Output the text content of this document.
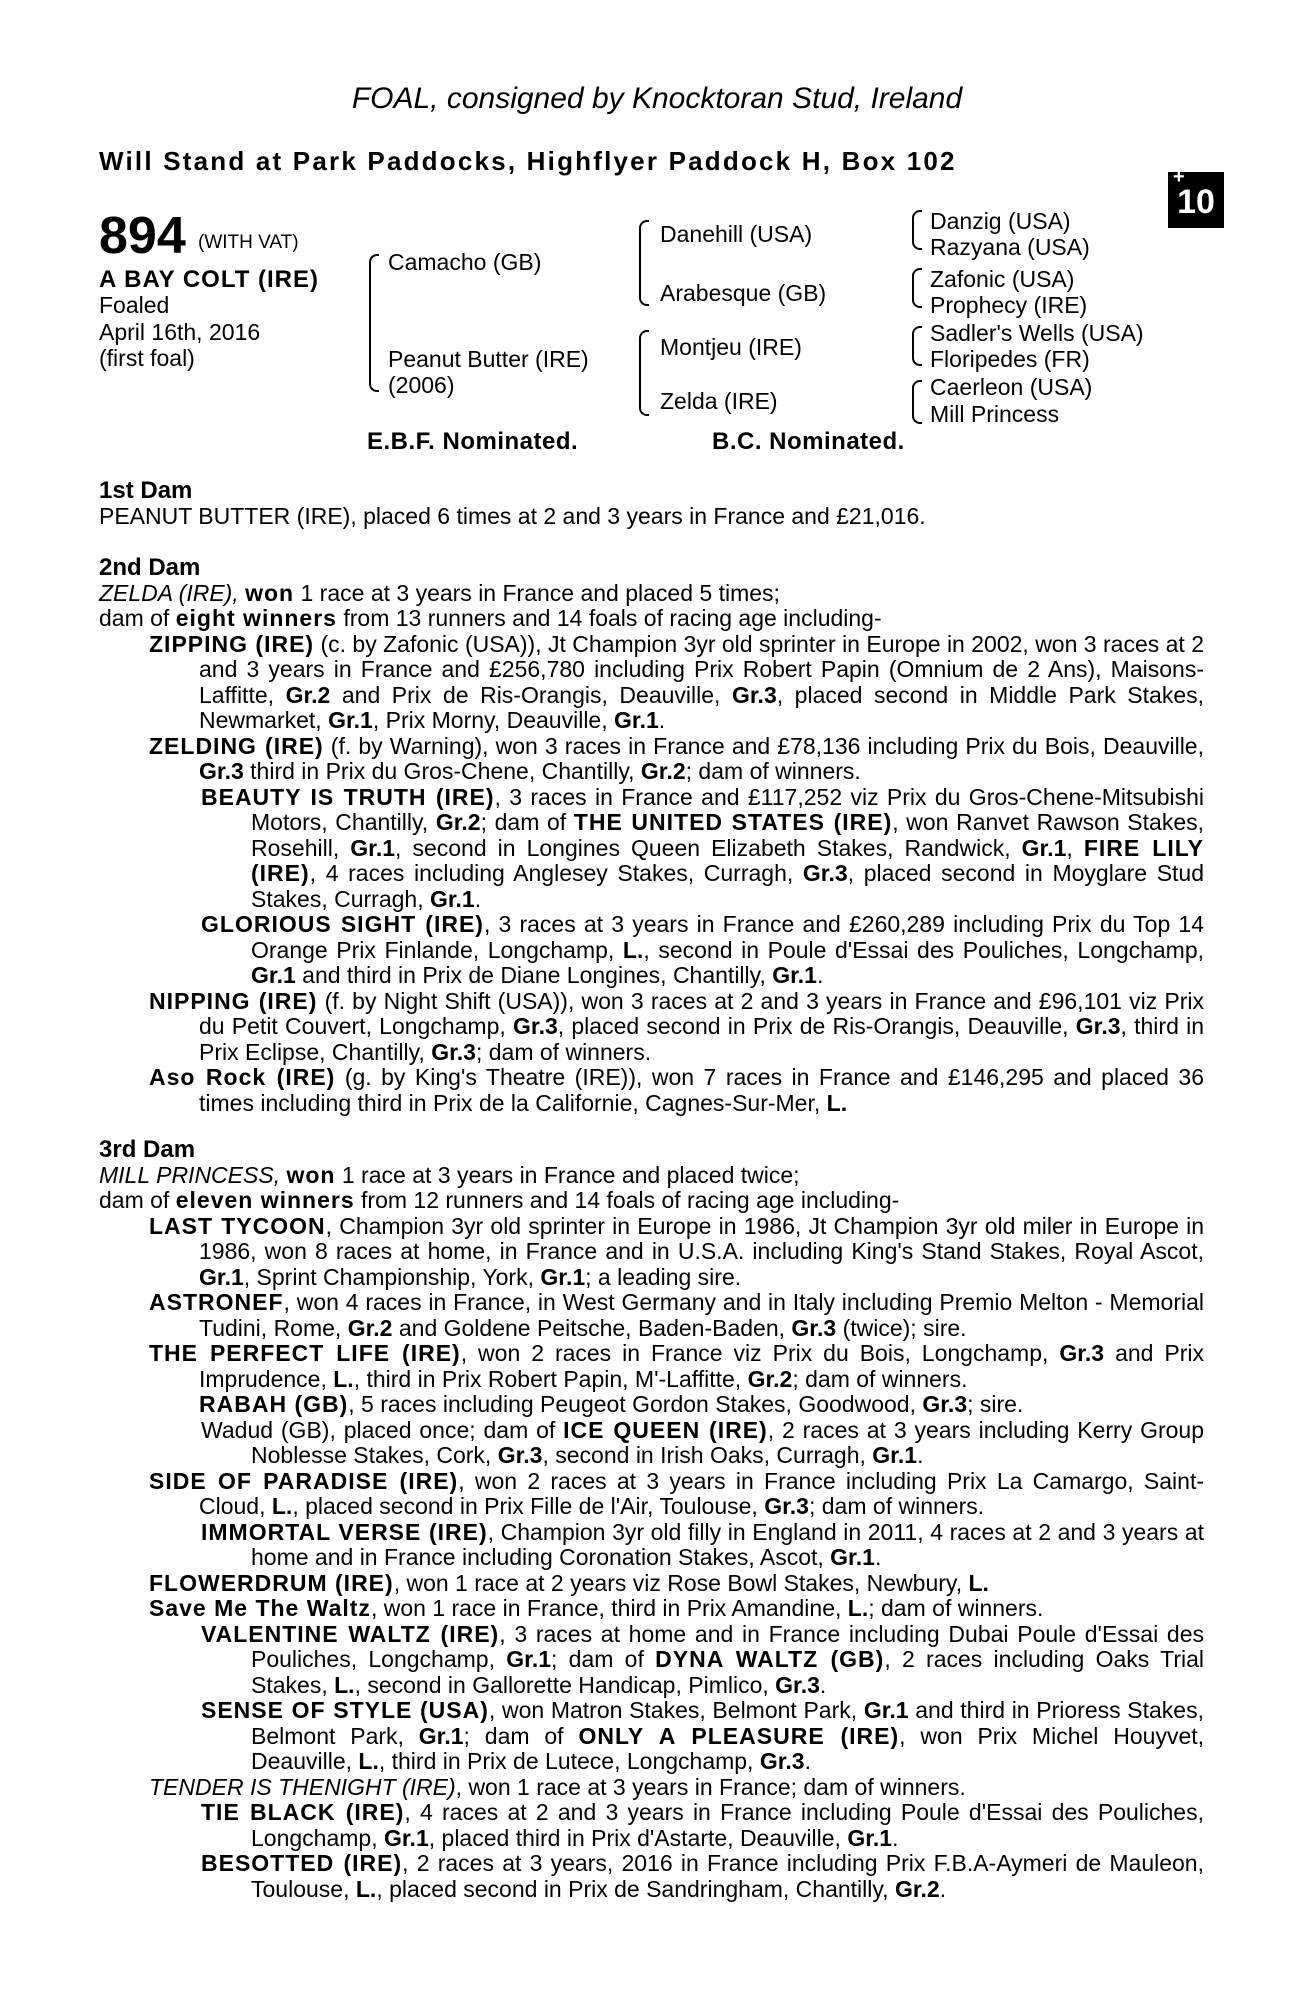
FOAL, consigned by Knocktoran Stud, Ireland
Will Stand at Park Paddocks, Highflyer Paddock H, Box 102
+
10
894 (WITH VAT)
A BAY COLT (IRE)
Foaled
April 16th, 2016
(first foal)
Camacho (GB)
Peanut Butter (IRE)
(2006)
Danehill (USA)
Arabesque (GB)
Montjeu (IRE)
Zelda (IRE)
Danzig (USA)
Razyana (USA)
Zafonic (USA)
Prophecy (IRE)
Sadler's Wells (USA)
Floripedes (FR)
Caerleon (USA)
Mill Princess
E.B.F. Nominated.	B.C. Nominated.
1st Dam

PEANUT BUTTER (IRE), placed 6 times at 2 and 3 years in France and £21,016.

2nd Dam

ZELDA (IRE), won 1 race at 3 years in France and placed 5 times;

dam of eight winners from 13 runners and 14 foals of racing age including-

ZIPPING (IRE) (c. by Zafonic (USA)), Jt Champion 3yr old sprinter in Europe in 2002, won 3 races at 2 and 3 years in France and £256,780 including Prix Robert Papin (Omnium de 2 Ans), Maisons-Laffitte, Gr.2 and Prix de Ris-Orangis, Deauville, Gr.3, placed second in Middle Park Stakes, Newmarket, Gr.1, Prix Morny, Deauville, Gr.1.

ZELDING (IRE) (f. by Warning), won 3 races in France and £78,136 including Prix du Bois, Deauville, Gr.3 third in Prix du Gros-Chene, Chantilly, Gr.2; dam of winners.

BEAUTY IS TRUTH (IRE), 3 races in France and £117,252 viz Prix du Gros-Chene-Mitsubishi Motors, Chantilly, Gr.2; dam of THE UNITED STATES (IRE), won Ranvet Rawson Stakes, Rosehill, Gr.1, second in Longines Queen Elizabeth Stakes, Randwick, Gr.1, FIRE LILY (IRE), 4 races including Anglesey Stakes, Curragh, Gr.3, placed second in Moyglare Stud Stakes, Curragh, Gr.1.

GLORIOUS SIGHT (IRE), 3 races at 3 years in France and £260,289 including Prix du Top 14 Orange Prix Finlande, Longchamp, L., second in Poule d'Essai des Pouliches, Longchamp, Gr.1 and third in Prix de Diane Longines, Chantilly, Gr.1.

NIPPING (IRE) (f. by Night Shift (USA)), won 3 races at 2 and 3 years in France and £96,101 viz Prix du Petit Couvert, Longchamp, Gr.3, placed second in Prix de Ris-Orangis, Deauville, Gr.3, third in Prix Eclipse, Chantilly, Gr.3; dam of winners.

Aso Rock (IRE) (g. by King's Theatre (IRE)), won 7 races in France and £146,295 and placed 36 times including third in Prix de la Californie, Cagnes-Sur-Mer, L.

3rd Dam

MILL PRINCESS, won 1 race at 3 years in France and placed twice;

dam of eleven winners from 12 runners and 14 foals of racing age including-

LAST TYCOON, Champion 3yr old sprinter in Europe in 1986, Jt Champion 3yr old miler in Europe in 1986, won 8 races at home, in France and in U.S.A. including King's Stand Stakes, Royal Ascot, Gr.1, Sprint Championship, York, Gr.1; a leading sire.

ASTRONEF, won 4 races in France, in West Germany and in Italy including Premio Melton - Memorial Tudini, Rome, Gr.2 and Goldene Peitsche, Baden-Baden, Gr.3 (twice); sire.

THE PERFECT LIFE (IRE), won 2 races in France viz Prix du Bois, Longchamp, Gr.3 and Prix Imprudence, L., third in Prix Robert Papin, M'-Laffitte, Gr.2; dam of winners.

RABAH (GB), 5 races including Peugeot Gordon Stakes, Goodwood, Gr.3; sire.

Wadud (GB), placed once; dam of ICE QUEEN (IRE), 2 races at 3 years including Kerry Group Noblesse Stakes, Cork, Gr.3, second in Irish Oaks, Curragh, Gr.1.

SIDE OF PARADISE (IRE), won 2 races at 3 years in France including Prix La Camargo, Saint-Cloud, L., placed second in Prix Fille de l'Air, Toulouse, Gr.3; dam of winners.

IMMORTAL VERSE (IRE), Champion 3yr old filly in England in 2011, 4 races at 2 and 3 years at home and in France including Coronation Stakes, Ascot, Gr.1.

FLOWERDRUM (IRE), won 1 race at 2 years viz Rose Bowl Stakes, Newbury, L.

Save Me The Waltz, won 1 race in France, third in Prix Amandine, L.; dam of winners.

VALENTINE WALTZ (IRE), 3 races at home and in France including Dubai Poule d'Essai des Pouliches, Longchamp, Gr.1; dam of DYNA WALTZ (GB), 2 races including Oaks Trial Stakes, L., second in Gallorette Handicap, Pimlico, Gr.3.

SENSE OF STYLE (USA), won Matron Stakes, Belmont Park, Gr.1 and third in Prioress Stakes, Belmont Park, Gr.1; dam of ONLY A PLEASURE (IRE), won Prix Michel Houyvet, Deauville, L., third in Prix de Lutece, Longchamp, Gr.3.

TENDER IS THENIGHT (IRE), won 1 race at 3 years in France; dam of winners.

TIE BLACK (IRE), 4 races at 2 and 3 years in France including Poule d'Essai des Pouliches, Longchamp, Gr.1, placed third in Prix d'Astarte, Deauville, Gr.1.

BESOTTED (IRE), 2 races at 3 years, 2016 in France including Prix F.B.A-Aymeri de Mauleon, Toulouse, L., placed second in Prix de Sandringham, Chantilly, Gr.2.
